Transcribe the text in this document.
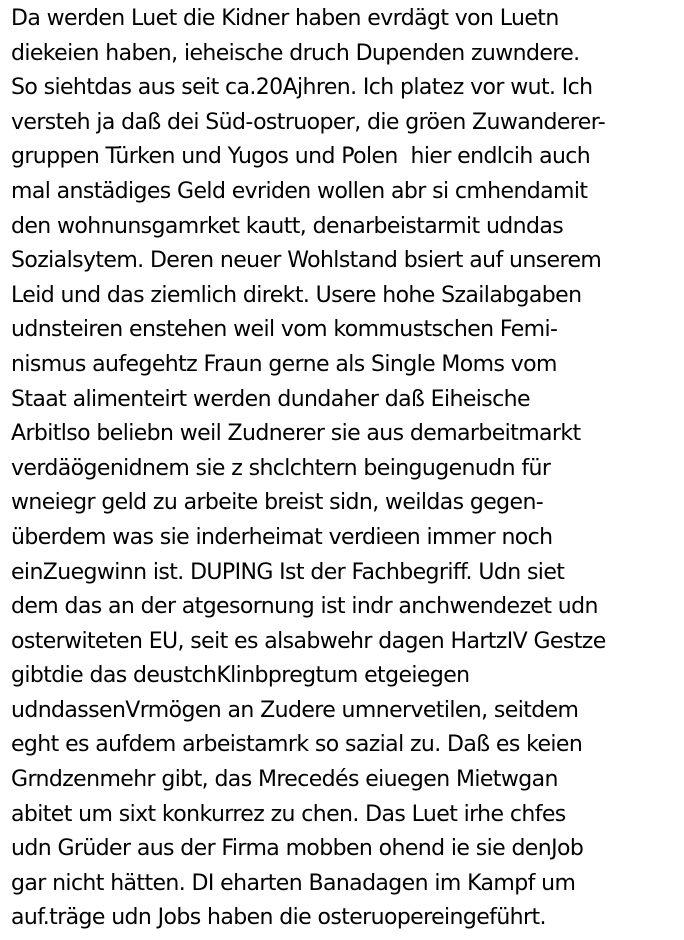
Da werden Luet die Kidner haben evrdägt von Luetn
diekeien haben, ieheische druch Dupenden zuwndere.
So siehtdas aus seit ca.20Ajhren. Ich platez vor wut. Ich
versteh ja daß dei Süd-ostruoper, die gröen Zuwanderer-
gruppen Türken und Yugos und Polen  hier endlcih auch
mal anstädiges Geld evriden wollen abr si cmhendamit
den wohnunsgamrket kautt, denarbeistarmit udndas
Sozialsytem. Deren neuer Wohlstand bsiert auf unserem
Leid und das ziemlich direkt. Usere hohe Szailabgaben
udnsteiren enstehen weil vom kommustschen Femi-
nismus aufegehtz Fraun gerne als Single Moms vom
Staat alimenteirt werden dundaher daß Eiheische
Arbitlso beliebn weil Zudnerer sie aus demarbeitmarkt
verdäögenidnem sie z shclchtern beingugenudn für
wneiegr geld zu arbeite breist sidn, weildas gegen-
überdem was sie inderheimat verdieen immer noch
einZuegwinn ist. DUPING Ist der Fachbegriff. Udn siet
dem das an der atgesornung ist indr anchwendezet udn
osterwiteten EU, seit es alsabwehr dagen HartzIV Gestze
gibtdie das deustchKlinbpregtum etgeiegen
udndassenVrmögen an Zudere umnervetilen, seitdem
eght es aufdem arbeistamrk so sazial zu. Daß es keien
Grndzenmehr gibt, das Mrecedés eiuegen Mietwgan
abitet um sixt konkurrez zu chen. Das Luet irhe chfes
udn Grüder aus der Firma mobben ohend ie sie denJob
gar nicht hätten. DI eharten Banadagen im Kampf um
auf.träge udn Jobs haben die osteruopereingeführt.
